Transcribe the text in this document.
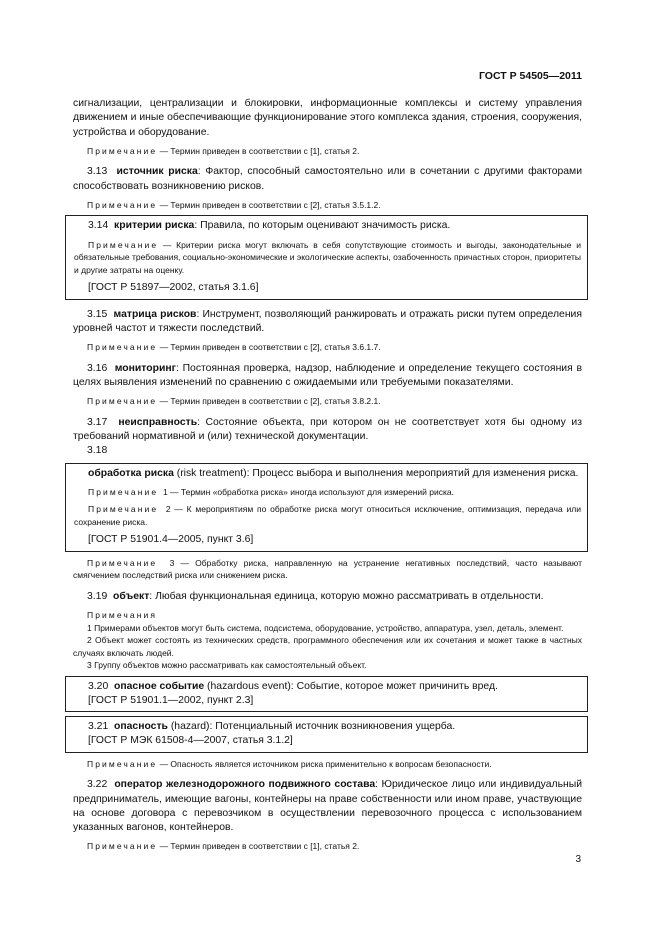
ГОСТ Р 54505—2011
сигнализации, централизации и блокировки, информационные комплексы и систему управления движением и иные обеспечивающие функционирование этого комплекса здания, строения, сооружения, устройства и оборудование.
Примечание — Термин приведен в соответствии с [1], статья 2.
3.13 источник риска: Фактор, способный самостоятельно или в сочетании с другими факторами способствовать возникновению рисков.
Примечание — Термин приведен в соответствии с [2], статья 3.5.1.2.
3.14 критерии риска: Правила, по которым оценивают значимость риска.
Примечание — Критерии риска могут включать в себя сопутствующие стоимость и выгоды, законодательные и обязательные требования, социально-экономические и экологические аспекты, озабоченность причастных сторон, приоритеты и другие затраты на оценку.
[ГОСТ Р 51897—2002, статья 3.1.6]
3.15 матрица рисков: Инструмент, позволяющий ранжировать и отражать риски путем определения уровней частот и тяжести последствий.
Примечание — Термин приведен в соответствии с [2], статья 3.6.1.7.
3.16 мониторинг: Постоянная проверка, надзор, наблюдение и определение текущего состояния в целях выявления изменений по сравнению с ожидаемыми или требуемыми показателями.
Примечание — Термин приведен в соответствии с [2], статья 3.8.2.1.
3.17 неисправность: Состояние объекта, при котором он не соответствует хотя бы одному из требований нормативной и (или) технической документации.
3.18
обработка риска (risk treatment): Процесс выбора и выполнения мероприятий для изменения риска.
Примечание 1 — Термин «обработка риска» иногда используют для измерений риска.
Примечание 2 — К мероприятиям по обработке риска могут относиться исключение, оптимизация, передача или сохранение риска.
[ГОСТ Р 51901.4—2005, пункт 3.6]
Примечание 3 — Обработку риска, направленную на устранение негативных последствий, часто называют смягчением последствий риска или снижением риска.
3.19 объект: Любая функциональная единица, которую можно рассматривать в отдельности.
Примечания
1 Примерами объектов могут быть система, подсистема, оборудование, устройство, аппаратура, узел, деталь, элемент.
2 Объект может состоять из технических средств, программного обеспечения или их сочетания и может также в частных случаях включать людей.
3 Группу объектов можно рассматривать как самостоятельный объект.
3.20 опасное событие (hazardous event): Событие, которое может причинить вред.
[ГОСТ Р 51901.1—2002, пункт 2.3]
3.21 опасность (hazard): Потенциальный источник возникновения ущерба.
[ГОСТ Р МЭК 61508-4—2007, статья 3.1.2]
Примечание — Опасность является источником риска применительно к вопросам безопасности.
3.22 оператор железнодорожного подвижного состава: Юридическое лицо или индивидуальный предприниматель, имеющие вагоны, контейнеры на праве собственности или ином праве, участвующие на основе договора с перевозчиком в осуществлении перевозочного процесса с использованием указанных вагонов, контейнеров.
Примечание — Термин приведен в соответствии с [1], статья 2.
3
